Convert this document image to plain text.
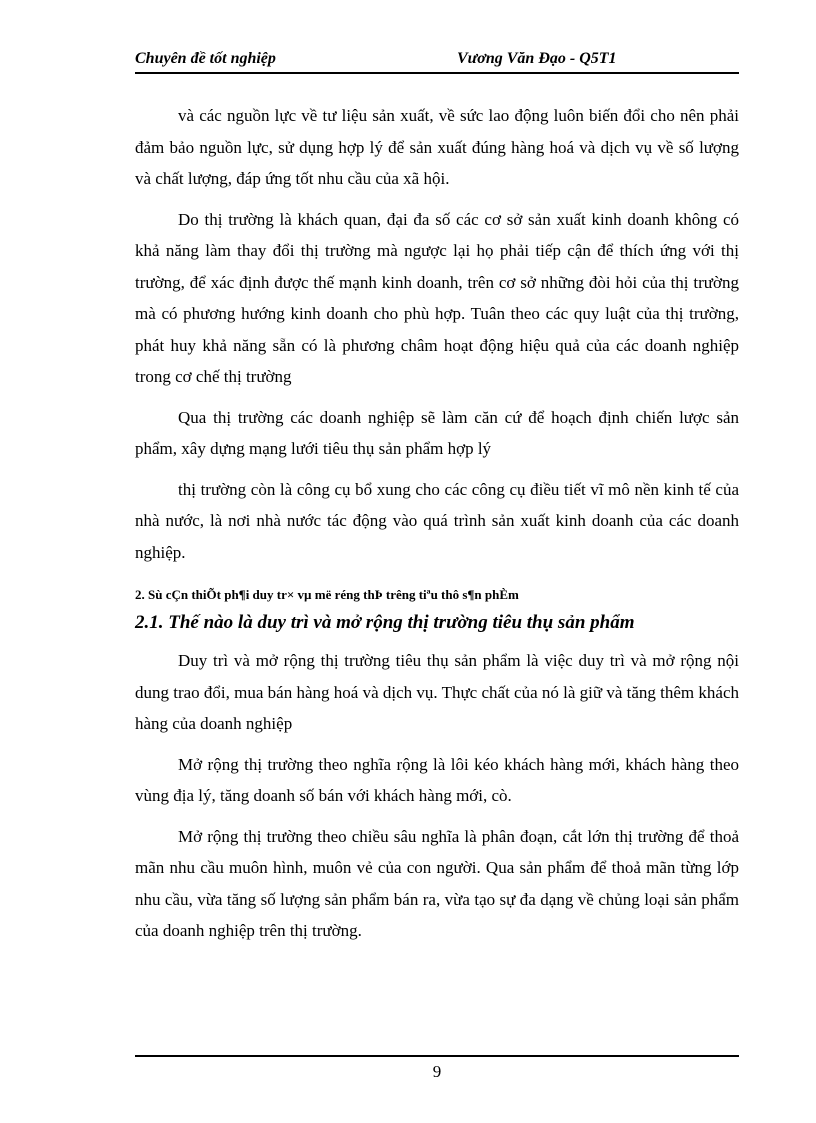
Chuyên đề tốt nghiệp	Vương Văn Đạo - Q5T1

và các nguồn lực về tư liệu sản xuất, về sức lao động luôn biến đổi cho nên phải đảm bảo nguồn lực, sử dụng hợp lý để sản xuất đúng hàng hoá và dịch vụ về số lượng và chất lượng, đáp ứng tốt nhu cầu của xã hội.

Do thị trường là khách quan, đại đa số các cơ sở sản xuất kinh doanh không có khả năng làm thay đổi thị trường mà ngược lại họ phải tiếp cận để thích ứng với thị trường, để xác định được thế mạnh kinh doanh, trên cơ sở những đòi hỏi của thị trường mà có phương hướng kinh doanh cho phù hợp. Tuân theo các quy luật của thị trường, phát huy khả năng sẵn có là phương châm hoạt động hiệu quả của các doanh nghiệp trong cơ chế thị trường

Qua thị trường các doanh nghiệp sẽ làm căn cứ để hoạch định chiến lược sản phẩm, xây dựng mạng lưới tiêu thụ sản phẩm hợp lý

thị trường còn là công cụ bổ xung cho các công cụ điều tiết vĩ mô nền kinh tế của nhà nước, là nơi nhà nước tác động vào quá trình sản xuất kinh doanh của các doanh nghiệp.

2. Sù cÇn thiÕt ph¶i duy tr× vµ më réng thÞ trêng tiªu thô s¶n phÈm
2.1. Thế nào là duy trì và mở rộng thị trường tiêu thụ sản phẩm

Duy trì và mở rộng thị trường tiêu thụ sản phẩm là việc duy trì và mở rộng nội dung trao đổi, mua bán hàng hoá và dịch vụ. Thực chất của nó là giữ và tăng thêm khách hàng của doanh nghiệp

Mở rộng thị trường theo nghĩa rộng là lôi kéo khách hàng mới, khách hàng theo vùng địa lý, tăng doanh số bán với khách hàng mới, cò.

Mở rộng thị trường theo chiều sâu nghĩa là phân đoạn, cắt lớn thị trường để thoả mãn nhu cầu muôn hình, muôn vẻ của con người. Qua sản phẩm để thoả mãn từng lớp nhu cầu, vừa tăng số lượng sản phẩm bán ra, vừa tạo sự đa dạng về chủng loại sản phẩm của doanh nghiệp trên thị trường.

9
